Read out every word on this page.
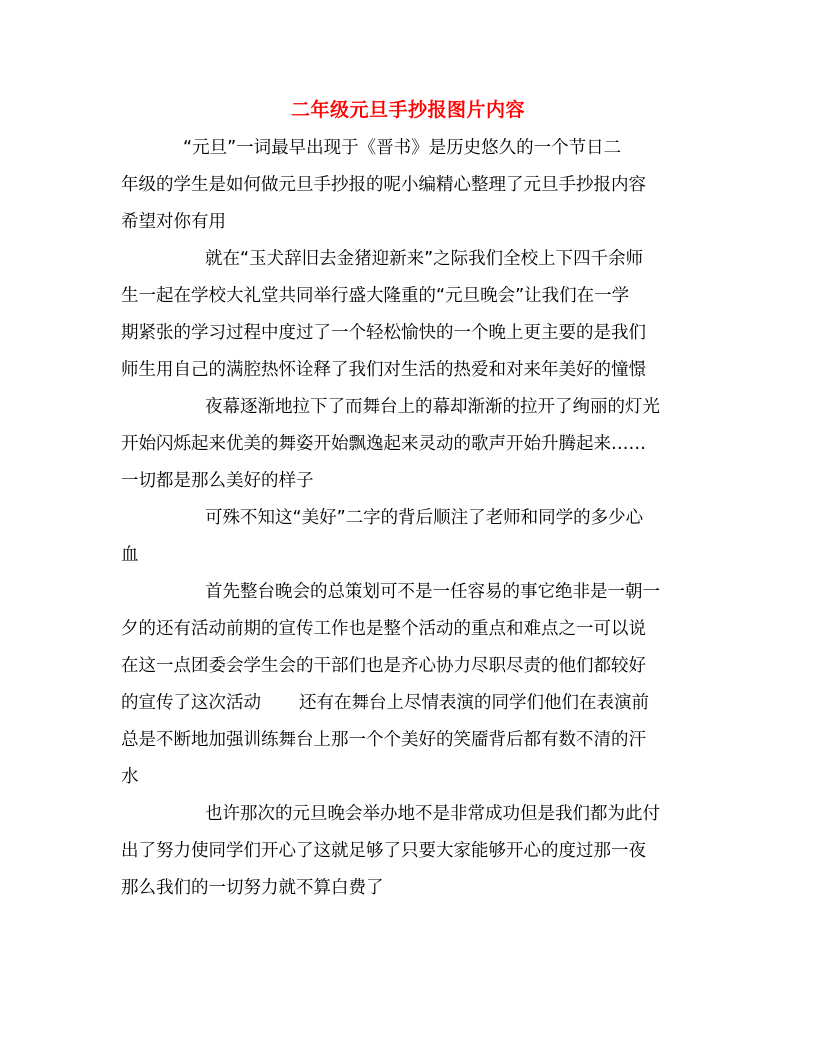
二年级元旦手抄报图片内容
“元旦”一词最早出现于《晋书》是历史悠久的一个节日二
年级的学生是如何做元旦手抄报的呢小编精心整理了元旦手抄报内容
希望对你有用
就在“玉犬辞旧去金猪迎新来”之际我们全校上下四千余师
生一起在学校大礼堂共同举行盛大隆重的“元旦晚会”让我们在一学
期紧张的学习过程中度过了一个轻松愉快的一个晚上更主要的是我们
师生用自己的满腔热怀诠释了我们对生活的热爱和对来年美好的憧憬
夜幕逐渐地拉下了而舞台上的幕却渐渐的拉开了绚丽的灯光
开始闪烁起来优美的舞姿开始飘逸起来灵动的歌声开始升腾起来……
一切都是那么美好的样子
可殊不知这“美好”二字的背后顺注了老师和同学的多少心
血
首先整台晚会的总策划可不是一任容易的事它绝非是一朝一
夕的还有活动前期的宣传工作也是整个活动的重点和难点之一可以说
在这一点团委会学生会的干部们也是齐心协力尽职尽责的他们都较好
的宣传了这次活动 还有在舞台上尽情表演的同学们他们在表演前
总是不断地加强训练舞台上那一个个美好的笑靥背后都有数不清的汗
水
也许那次的元旦晚会举办地不是非常成功但是我们都为此付
出了努力使同学们开心了这就足够了只要大家能够开心的度过那一夜
那么我们的一切努力就不算白费了
